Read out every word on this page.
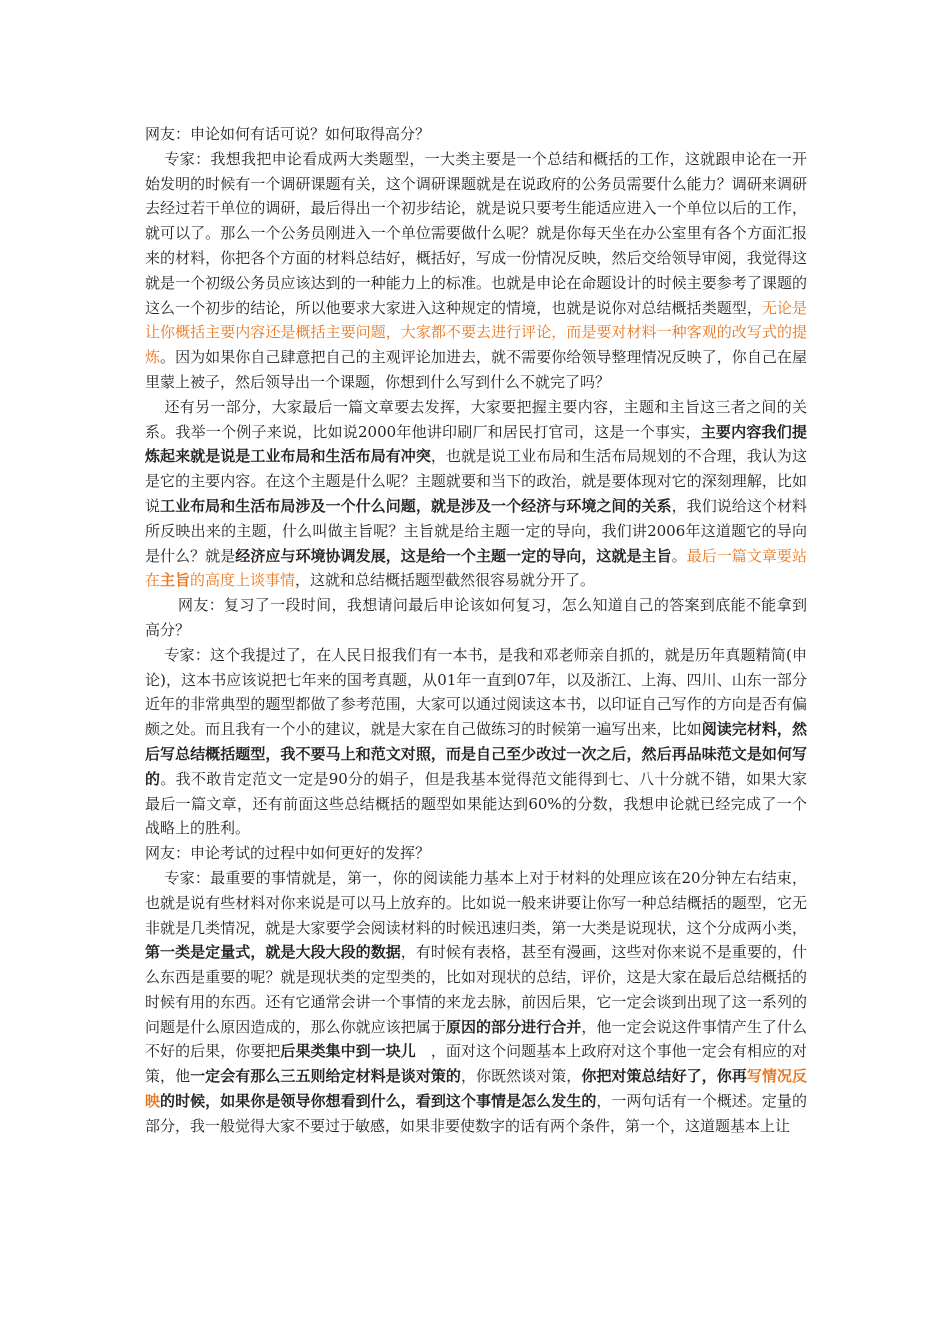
网友：申论如何有话可说？如何取得高分？

专家：我想我把申论看成两大类题型，一大类主要是一个总结和概括的工作，这就跟申论在一开始发明的时候有一个调研课题有关，这个调研课题就是在说政府的公务员需要什么能力？调研来调研去经过若干单位的调研，最后得出一个初步结论，就是说只要考生能适应进入一个单位以后的工作，就可以了。那么一个公务员刚进入一个单位需要做什么呢？就是你每天坐在办公室里有各个方面汇报来的材料，你把各个方面的材料总结好，概括好，写成一份情况反映，然后交给领导审阅，我觉得这就是一个初级公务员应该达到的一种能力上的标准。也就是申论在命题设计的时候主要参考了课题的这么一个初步的结论，所以他要求大家进入这种规定的情境，也就是说你对总结概括类题型，无论是让你概括主要内容还是概括主要问题，大家都不要去进行评论，而是要对材料一种客观的改写式的提炼。因为如果你自己肆意把自己的主观评论加进去，就不需要你给领导整理情况反映了，你自己在屋里蒙上被子，然后领导出一个课题，你想到什么写到什么不就完了吗？

还有另一部分，大家最后一篇文章要去发挥，大家要把握主要内容，主题和主旨这三者之间的关系。我举一个例子来说，比如说2000年他讲印刷厂和居民打官司，这是一个事实，主要内容我们提炼起来就是说是工业布局和生活布局有冲突，也就是说工业布局和生活布局规划的不合理，我认为这是它的主要内容。在这个主题是什么呢？主题就要和当下的政治，就是要体现对它的深刻理解，比如说工业布局和生活布局涉及一个什么问题，就是涉及一个经济与环境之间的关系，我们说给这个材料所反映出来的主题，什么叫做主旨呢？主旨就是给主题一定的导向，我们讲2006年这道题它的导向是什么？就是经济应与环境协调发展，这是给一个主题一定的导向，这就是主旨。最后一篇文章要站在主旨的高度上谈事情，这就和总结概括题型截然很容易就分开了。

网友：复习了一段时间，我想请问最后申论该如何复习，怎么知道自己的答案到底能不能拿到高分？

专家：这个我提过了，在人民日报我们有一本书，是我和邓老师亲自抓的，就是历年真题精简(申论)，这本书应该说把七年来的国考真题，从01年一直到07年，以及浙江、上海、四川、山东一部分近年的非常典型的题型都做了参考范围，大家可以通过阅读这本书，以印证自己写作的方向是否有偏颇之处。而且我有一个小的建议，就是大家在自己做练习的时候第一遍写出来，比如阅读完材料，然后写总结概括题型，我不要马上和范文对照，而是自己至少改过一次之后，然后再品味范文是如何写的。我不敢肯定范文一定是90分的娟子，但是我基本觉得范文能得到七、八十分就不错，如果大家最后一篇文章，还有前面这些总结概括的题型如果能达到60%的分数，我想申论就已经完成了一个战略上的胜利。

网友：申论考试的过程中如何更好的发挥？

专家：最重要的事情就是，第一，你的阅读能力基本上对于材料的处理应该在20分钟左右结束，也就是说有些材料对你来说是可以马上放弃的。比如说一般来讲要让你写一种总结概括的题型，它无非就是几类情况，就是大家要学会阅读材料的时候迅速归类，第一大类是说现状，这个分成两小类，第一类是定量式，就是大段大段的数据，有时候有表格，甚至有漫画，这些对你来说不是重要的，什么东西是重要的呢？就是现状类的定型类的，比如对现状的总结，评价，这是大家在最后总结概括的时候有用的东西。还有它通常会讲一个事情的来龙去脉，前因后果，它一定会谈到出现了这一系列的问题是什么原因造成的，那么你就应该把属于原因的部分进行合并，他一定会说这件事情产生了什么不好的后果，你要把后果类集中到一块儿　，面对这个问题基本上政府对这个事他一定会有相应的对策，他一定会有那么三五则给定材料是谈对策的，你既然谈对策，你把对策总结好了，你再写情况反映的时候，如果你是领导你想看到什么，看到这个事情是怎么发生的，一两句话有一个概述。定量的部分，我一般觉得大家不要过于敏感，如果非要使数字的话有两个条件，第一个，这道题基本上让
